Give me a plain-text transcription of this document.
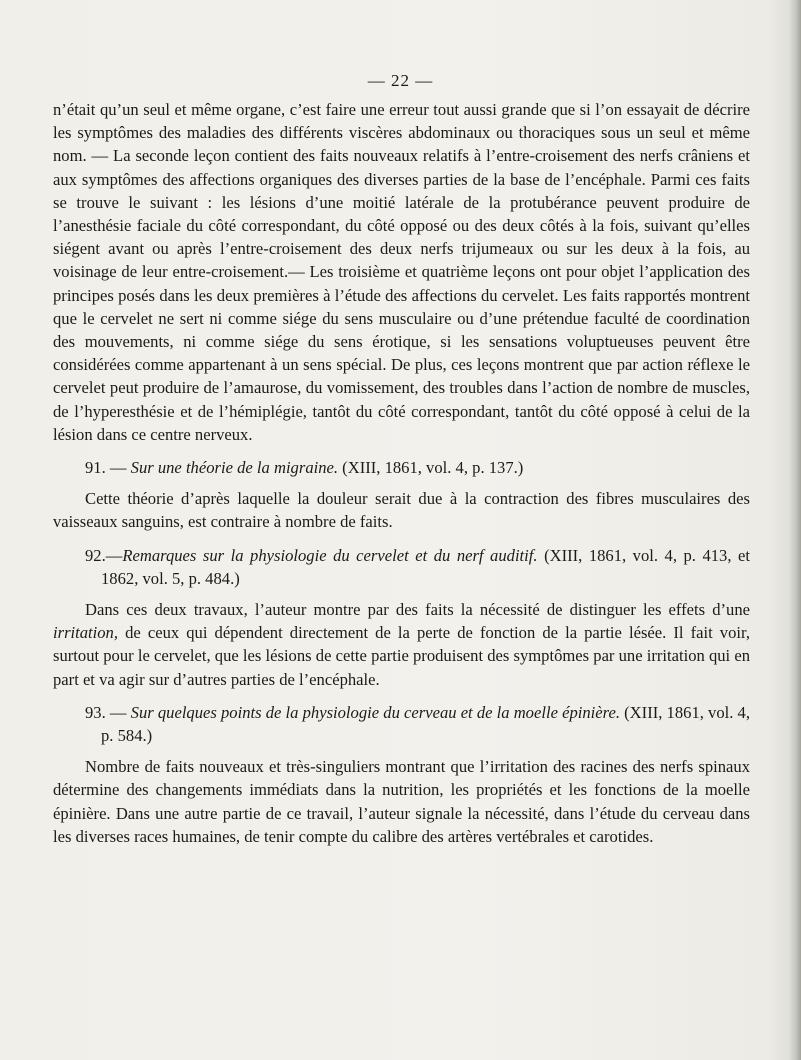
— 22 —

n’était qu’un seul et même organe, c’est faire une erreur tout aussi grande que si l’on essayait de décrire les symptômes des maladies des différents viscères abdominaux ou thoraciques sous un seul et même nom. — La seconde leçon contient des faits nouveaux relatifs à l’entre-croisement des nerfs crâniens et aux symptômes des affections organiques des diverses parties de la base de l’encéphale. Parmi ces faits se trouve le suivant : les lésions d’une moitié latérale de la protubérance peuvent produire de l’anesthésie faciale du côté correspondant, du côté opposé ou des deux côtés à la fois, suivant qu’elles siégent avant ou après l’entre-croisement des deux nerfs trijumeaux ou sur les deux à la fois, au voisinage de leur entre-croisement.— Les troisième et quatrième leçons ont pour objet l’application des principes posés dans les deux premières à l’étude des affections du cervelet. Les faits rapportés montrent que le cervelet ne sert ni comme siége du sens musculaire ou d’une prétendue faculté de coordination des mouvements, ni comme siége du sens érotique, si les sensations voluptueuses peuvent être considérées comme appartenant à un sens spécial. De plus, ces leçons montrent que par action réflexe le cervelet peut produire de l’amaurose, du vomissement, des troubles dans l’action de nombre de muscles, de l’hyperesthésie et de l’hémiplégie, tantôt du côté correspondant, tantôt du côté opposé à celui de la lésion dans ce centre nerveux.

91. — Sur une théorie de la migraine. (XIII, 1861, vol. 4, p. 137.)

Cette théorie d’après laquelle la douleur serait due à la contraction des fibres musculaires des vaisseaux sanguins, est contraire à nombre de faits.

92.—Remarques sur la physiologie du cervelet et du nerf auditif. (XIII, 1861, vol. 4, p. 413, et 1862, vol. 5, p. 484.)

Dans ces deux travaux, l’auteur montre par des faits la nécessité de distinguer les effets d’une irritation, de ceux qui dépendent directement de la perte de fonction de la partie lésée. Il fait voir, surtout pour le cervelet, que les lésions de cette partie produisent des symptômes par une irritation qui en part et va agir sur d’autres parties de l’encéphale.

93. — Sur quelques points de la physiologie du cerveau et de la moelle épinière. (XIII, 1861, vol. 4, p. 584.)

Nombre de faits nouveaux et très-singuliers montrant que l’irritation des racines des nerfs spinaux détermine des changements immédiats dans la nutrition, les propriétés et les fonctions de la moelle épinière. Dans une autre partie de ce travail, l’auteur signale la nécessité, dans l’étude du cerveau dans les diverses races humaines, de tenir compte du calibre des artères vertébrales et carotides.
